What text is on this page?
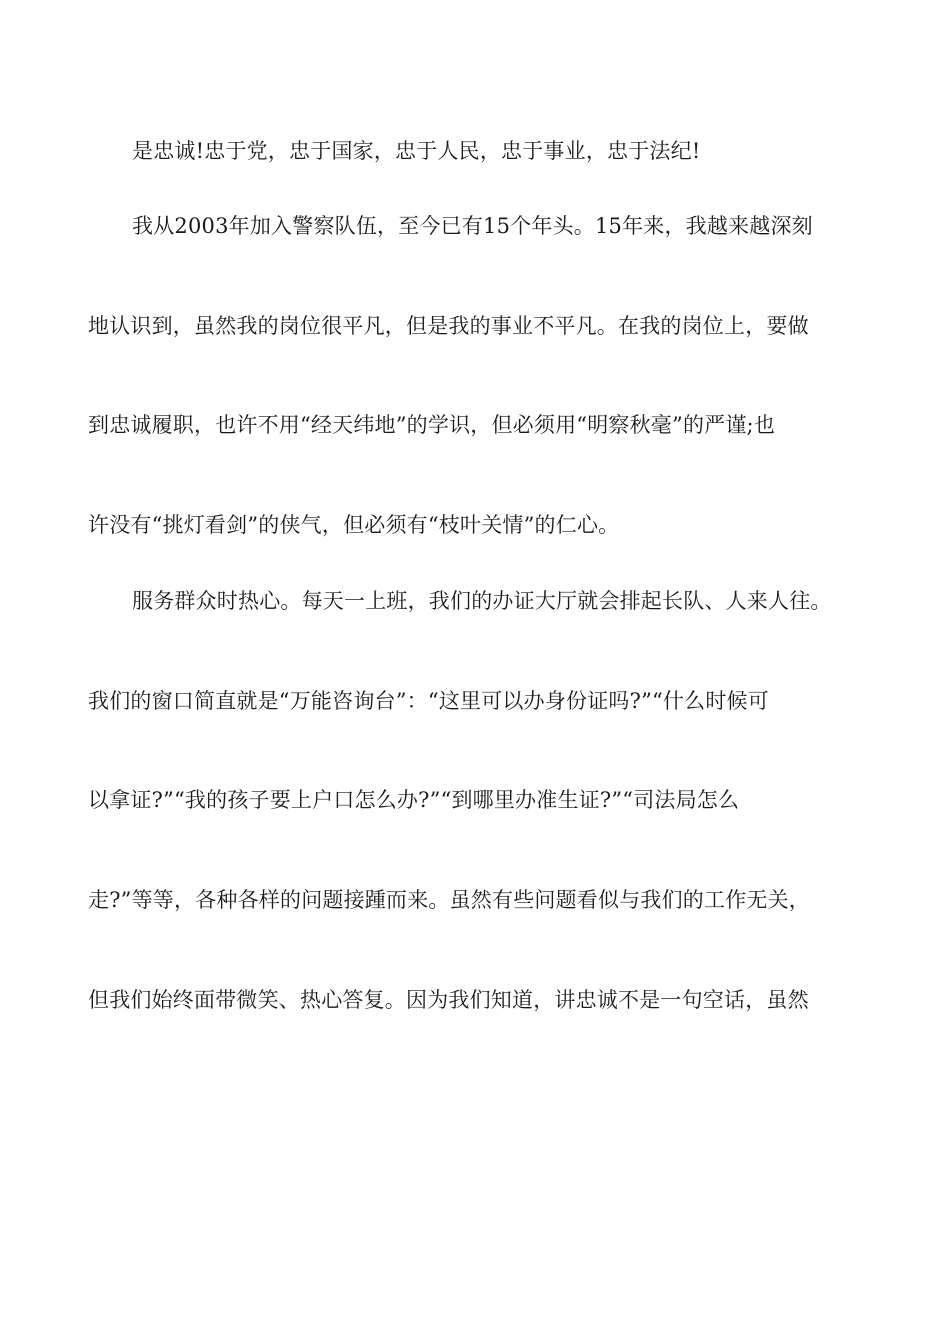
是忠诚!忠于党，忠于国家，忠于人民，忠于事业，忠于法纪!
我从2003年加入警察队伍，至今已有15个年头。15年来，我越来越深刻
地认识到，虽然我的岗位很平凡，但是我的事业不平凡。在我的岗位上，要做
到忠诚履职，也许不用“经天纬地”的学识，但必须用“明察秋毫”的严谨;也
许没有“挑灯看剑”的侠气，但必须有“枝叶关情”的仁心。
服务群众时热心。每天一上班，我们的办证大厅就会排起长队、人来人往。
我们的窗口简直就是“万能咨询台”：“这里可以办身份证吗?”“什么时候可
以拿证?”“我的孩子要上户口怎么办?”“到哪里办准生证?”“司法局怎么
走?”等等，各种各样的问题接踵而来。虽然有些问题看似与我们的工作无关，
但我们始终面带微笑、热心答复。因为我们知道，讲忠诚不是一句空话，虽然
